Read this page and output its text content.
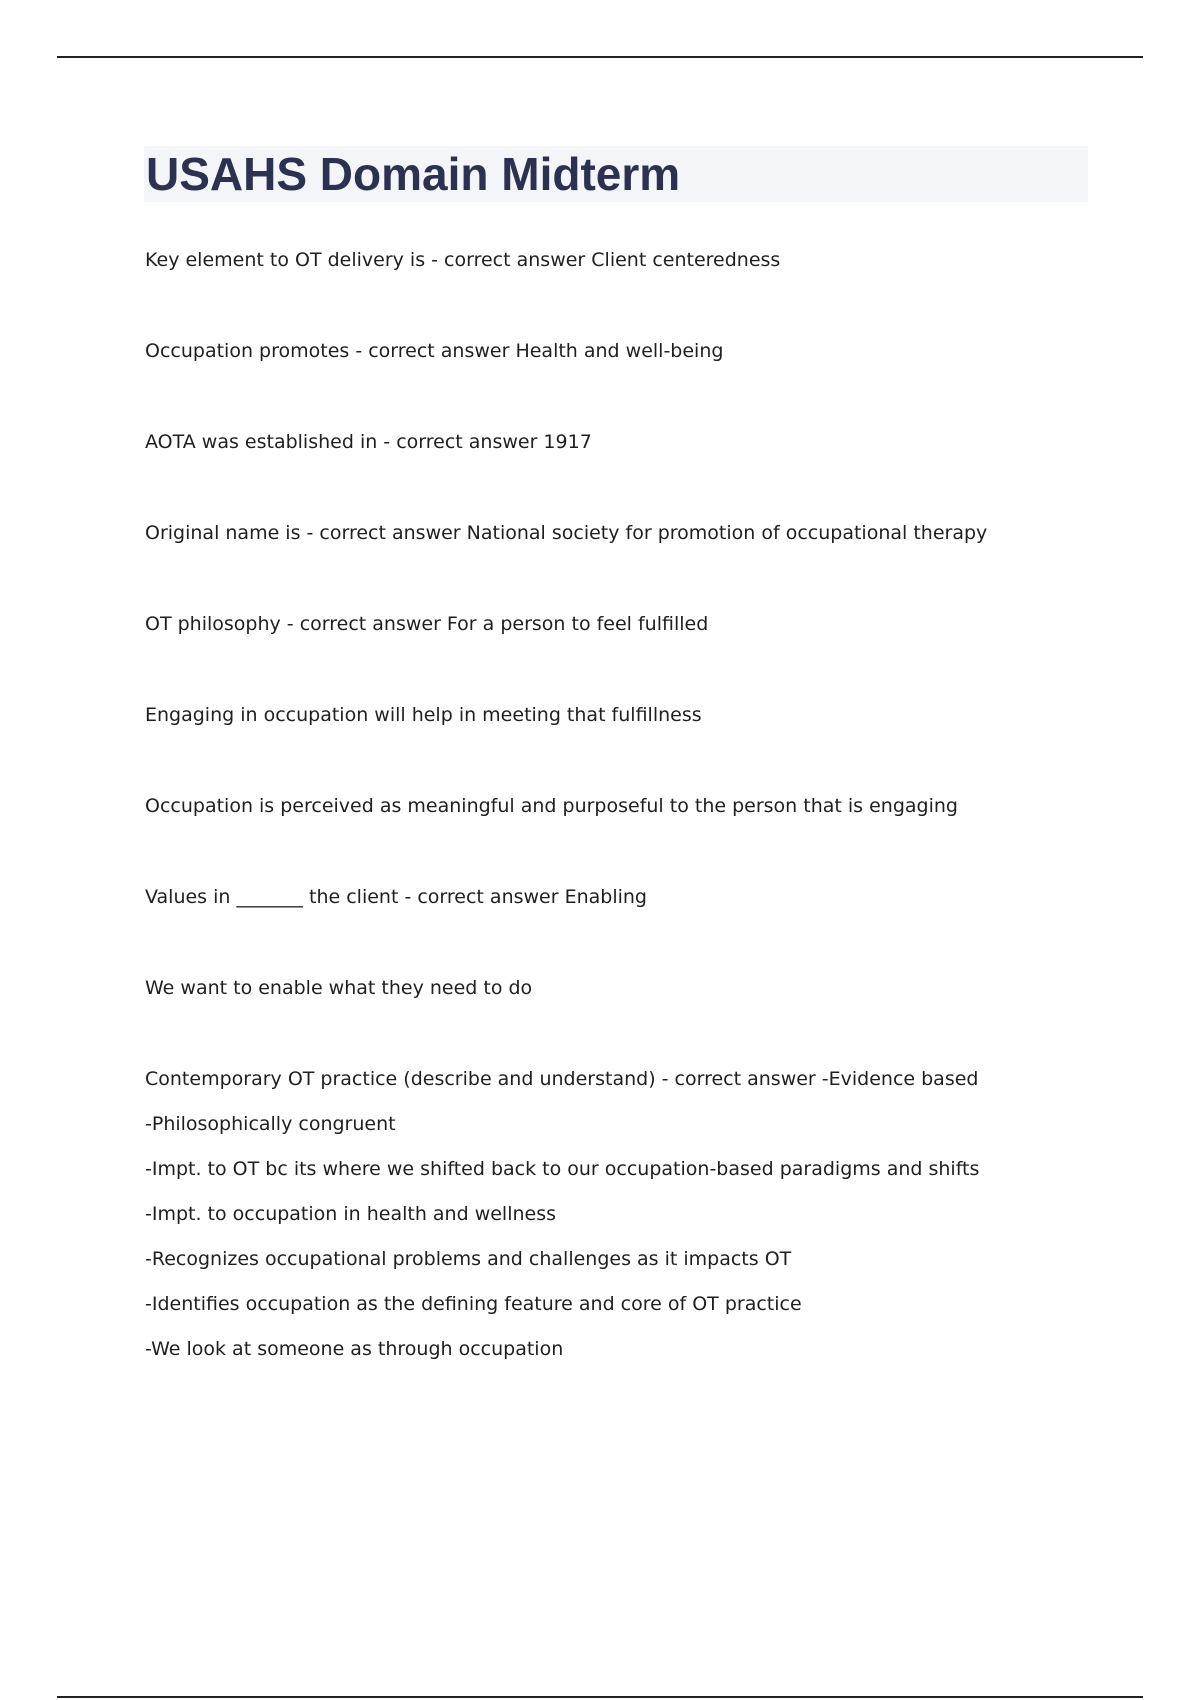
USAHS Domain Midterm
Key element to OT delivery is - correct answer Client centeredness
Occupation promotes - correct answer Health and well-being
AOTA was established in - correct answer 1917
Original name is - correct answer National society for promotion of occupational therapy
OT philosophy - correct answer For a person to feel fulfilled
Engaging in occupation will help in meeting that fulfillness
Occupation is perceived as meaningful and purposeful to the person that is engaging
Values in _______ the client - correct answer Enabling
We want to enable what they need to do
Contemporary OT practice (describe and understand) - correct answer -Evidence based
-Philosophically congruent
-Impt. to OT bc its where we shifted back to our occupation-based paradigms and shifts
-Impt. to occupation in health and wellness
-Recognizes occupational problems and challenges as it impacts OT
-Identifies occupation as the defining feature and core of OT practice
-We look at someone as through occupation
